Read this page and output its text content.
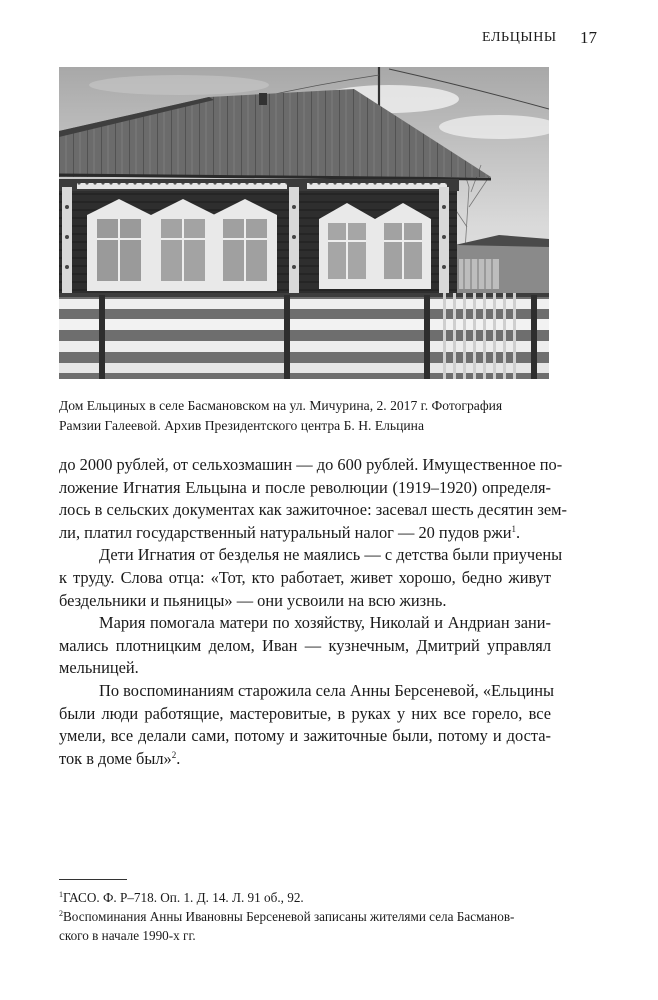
ЕЛЬЦЫНЫ 17

Дом Ельциных в селе Басмановском на ул. Мичурина, 2. 2017 г. Фотография

Рамзии Галеевой. Архив Президентского центра Б. Н. Ельцина

до 2000 рублей, от сельхозмашин — до 600 рублей. Имущественное по-
ложение Игнатия Ельцына и после революции (1919–1920) определя-
лось в сельских документах как зажиточное: засевал шесть десятин зем-
ли, платил государственный натуральный налог — 20 пудов ржи$^1$.
Дети Игнатия от безделья не маялись — с детства были приучены
к труду. Слова отца: «Тот, кто работает, живет хорошо, бедно живут
бездельники и пьяницы» — они усвоили на всю жизнь.
Мария помогала матери по хозяйству, Николай и Андриан зани-
мались плотницким делом, Иван — кузнечным, Дмитрий управлял
мельницей.
По воспоминаниям старожила села Анны Берсеневой, «Ельцины
были люди работящие, мастеровитые, в руках у них все горело, все
умели, все делали сами, потому и зажиточные были, потому и доста-
ток в доме был»$^2$.
$^1$ГАСО. Ф. Р–718. Оп. 1. Д. 14. Л. 91 об., 92.
$^2$Воспоминания Анны Ивановны Берсеневой записаны жителями села Басманов-
ского в начале 1990-х гг.
